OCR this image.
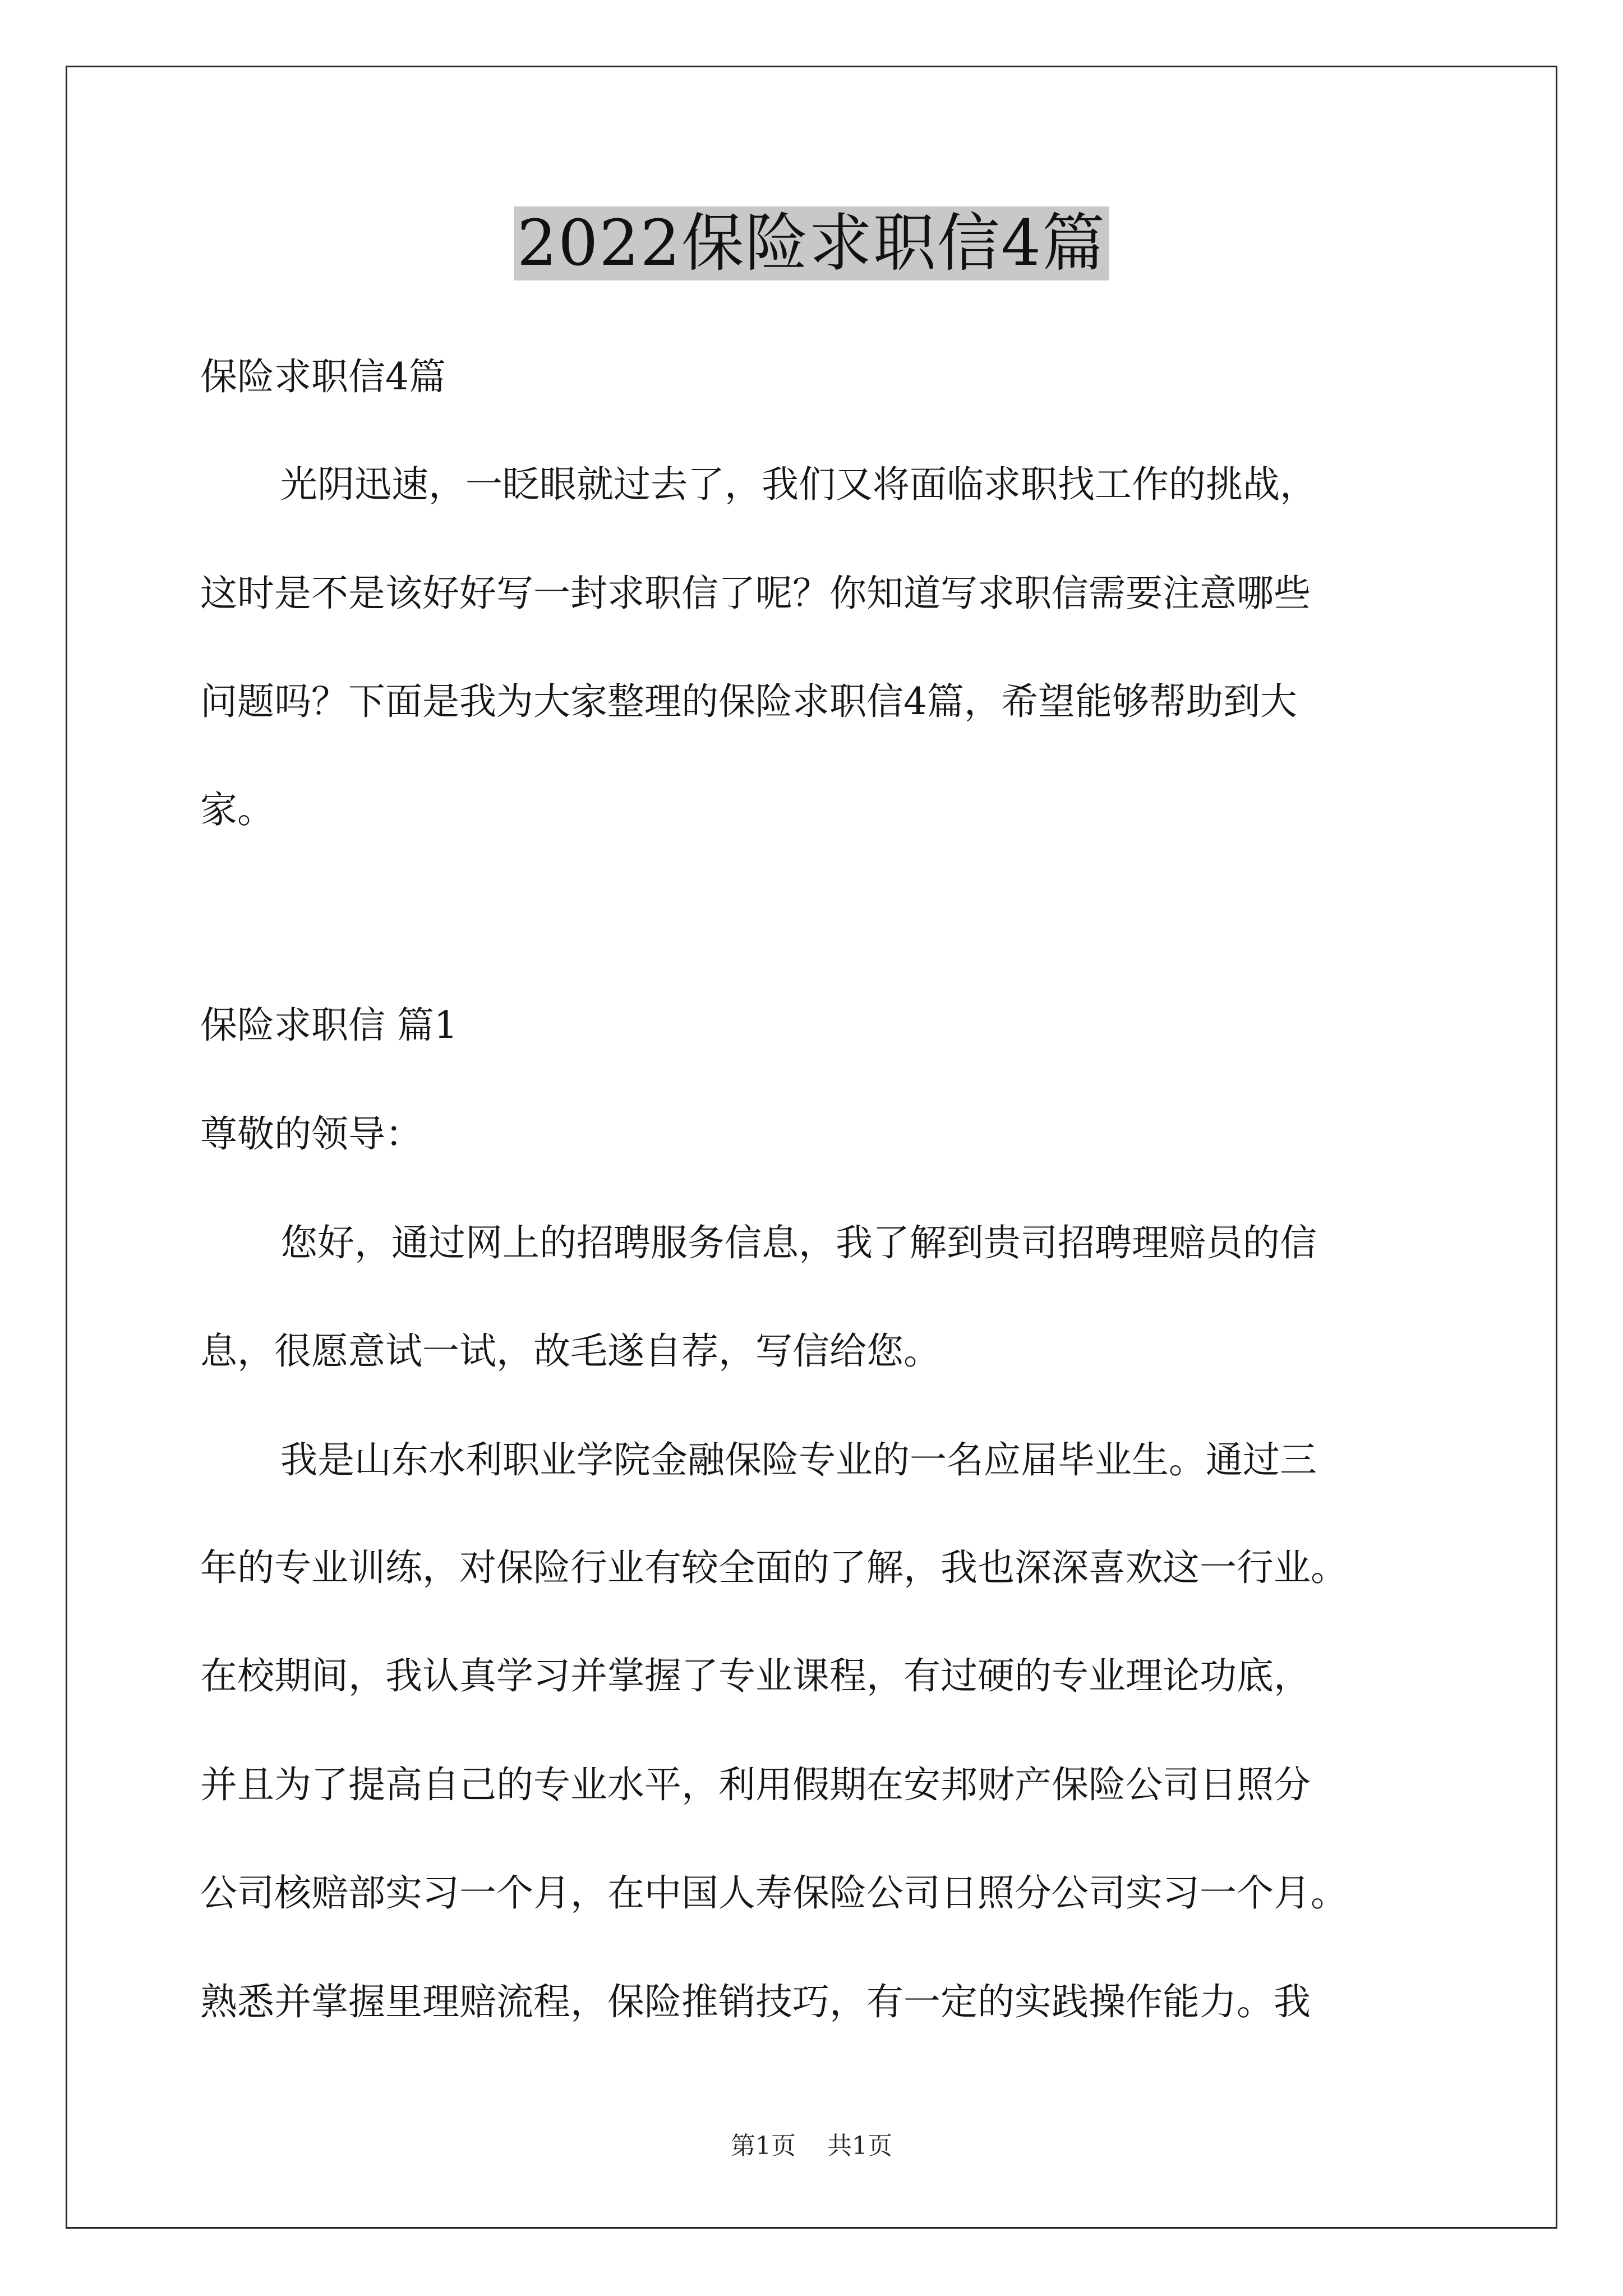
2022保险求职信4篇
保险求职信4篇
光阴迅速，一眨眼就过去了，我们又将面临求职找工作的挑战，
这时是不是该好好写一封求职信了呢？你知道写求职信需要注意哪些
问题吗？下面是我为大家整理的保险求职信4篇，希望能够帮助到大
家。
保险求职信 篇1
尊敬的领导：
您好，通过网上的招聘服务信息，我了解到贵司招聘理赔员的信
息，很愿意试一试，故毛遂自荐，写信给您。
我是山东水利职业学院金融保险专业的一名应届毕业生。通过三
年的专业训练，对保险行业有较全面的了解，我也深深喜欢这一行业。
在校期间，我认真学习并掌握了专业课程，有过硬的专业理论功底，
并且为了提高自己的专业水平，利用假期在安邦财产保险公司日照分
公司核赔部实习一个月，在中国人寿保险公司日照分公司实习一个月。
熟悉并掌握里理赔流程，保险推销技巧，有一定的实践操作能力。我
第1页 共1页
